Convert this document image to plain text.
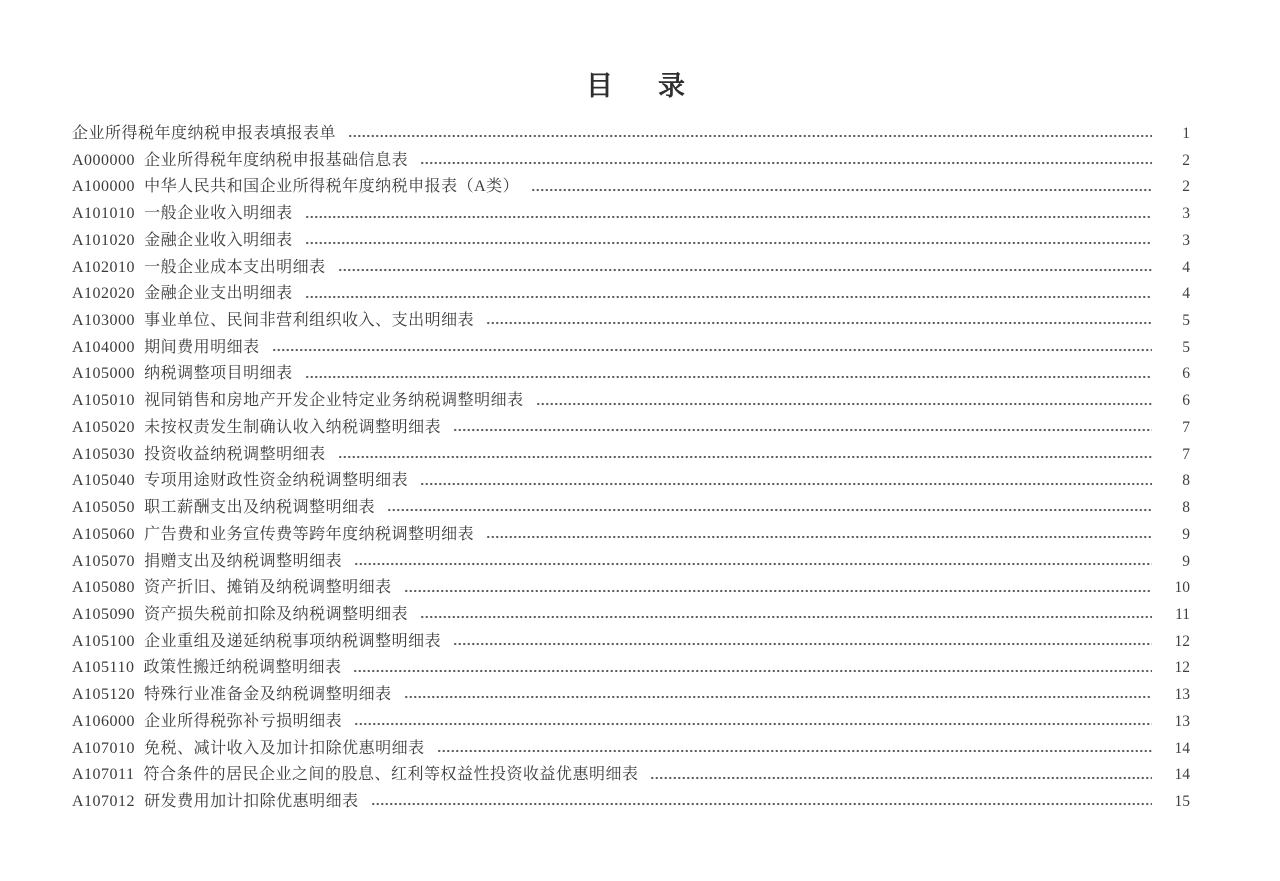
目　录
企业所得税年度纳税申报表填报表单	1
A000000 企业所得税年度纳税申报基础信息表	2
A100000 中华人民共和国企业所得税年度纳税申报表（A类）	2
A101010 一般企业收入明细表	3
A101020 金融企业收入明细表	3
A102010 一般企业成本支出明细表	4
A102020 金融企业支出明细表	4
A103000 事业单位、民间非营利组织收入、支出明细表	5
A104000 期间费用明细表	5
A105000 纳税调整项目明细表	6
A105010 视同销售和房地产开发企业特定业务纳税调整明细表	6
A105020 未按权责发生制确认收入纳税调整明细表	7
A105030 投资收益纳税调整明细表	7
A105040 专项用途财政性资金纳税调整明细表	8
A105050 职工薪酬支出及纳税调整明细表	8
A105060 广告费和业务宣传费等跨年度纳税调整明细表	9
A105070 捐赠支出及纳税调整明细表	9
A105080 资产折旧、摊销及纳税调整明细表	10
A105090 资产损失税前扣除及纳税调整明细表	11
A105100 企业重组及递延纳税事项纳税调整明细表	12
A105110 政策性搬迁纳税调整明细表	12
A105120 特殊行业准备金及纳税调整明细表	13
A106000 企业所得税弥补亏损明细表	13
A107010 免税、减计收入及加计扣除优惠明细表	14
A107011 符合条件的居民企业之间的股息、红利等权益性投资收益优惠明细表	14
A107012 研发费用加计扣除优惠明细表	15
